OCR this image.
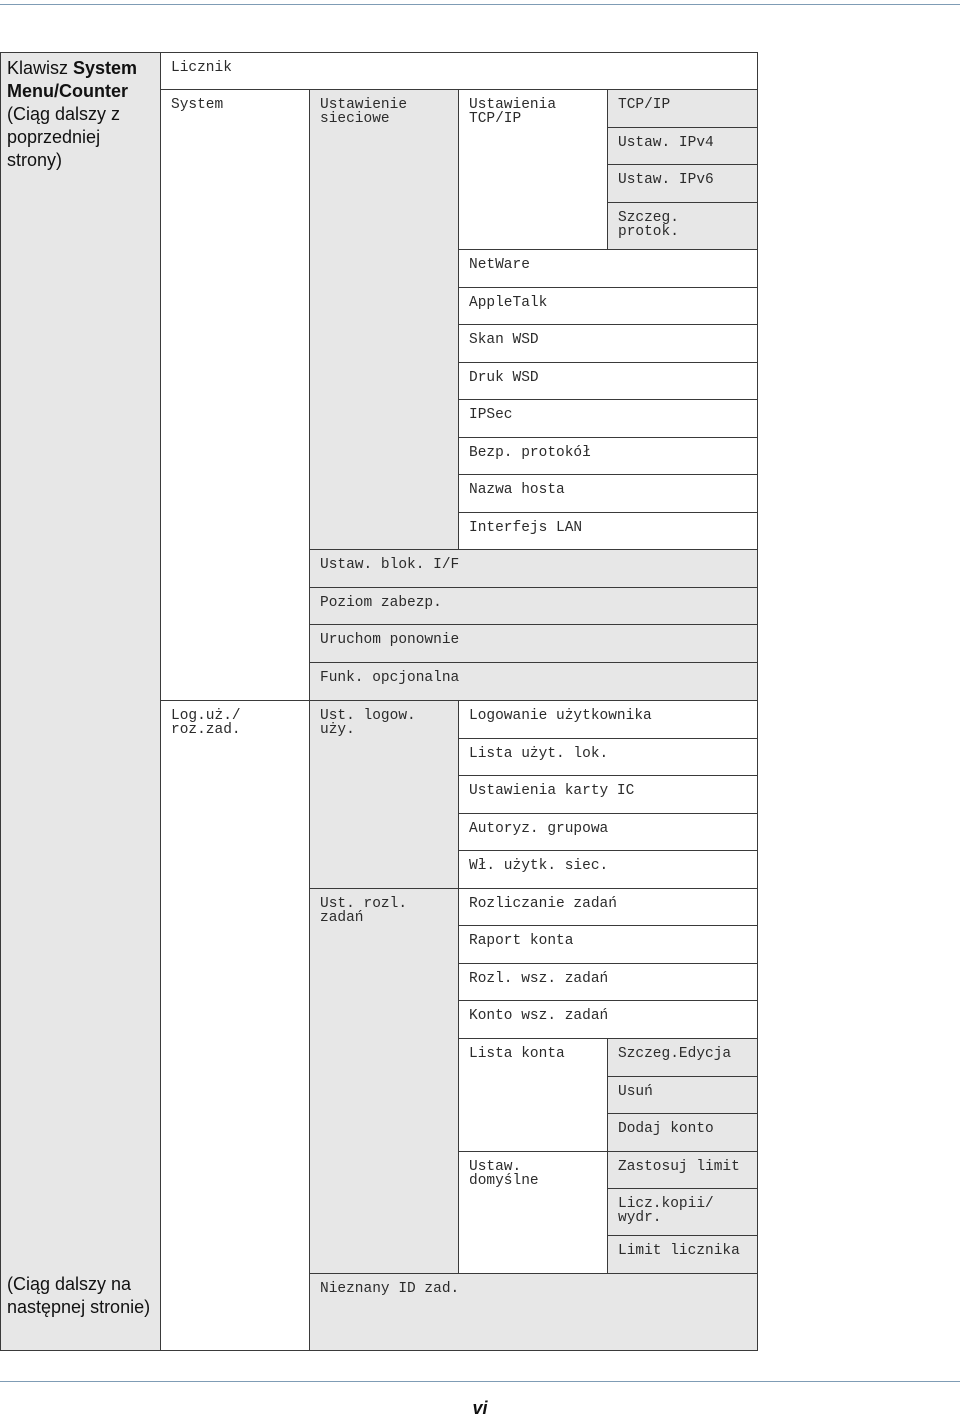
Klawisz System Menu/Counter
(Ciąg dalszy z poprzedniej strony)
(Ciąg dalszy na następnej stronie)
Licznik
System
Log.uż./
roz.zad.
Ustawienie
sieciowe
Ustaw. blok. I/F
Poziom zabezp.
Uruchom ponownie
Funk. opcjonalna
Ust. logow.
uży.
Ust. rozl.
zadań
Nieznany ID zad.
Ustawienia
TCP/IP
NetWare
AppleTalk
Skan WSD
Druk WSD
IPSec
Bezp. protokół
Nazwa hosta
Interfejs LAN
TCP/IP
Ustaw. IPv4
Ustaw. IPv6
Szczeg.
protok.
Logowanie użytkownika
Lista użyt. lok.
Ustawienia karty IC
Autoryz. grupowa
Wł. użytk. siec.
Rozliczanie zadań
Raport konta
Rozl. wsz. zadań
Konto wsz. zadań
Lista konta
Ustaw.
domyślne
Szczeg.Edycja
Usuń
Dodaj konto
Zastosuj limit
Licz.kopii/
wydr.
Limit licznika
vi
